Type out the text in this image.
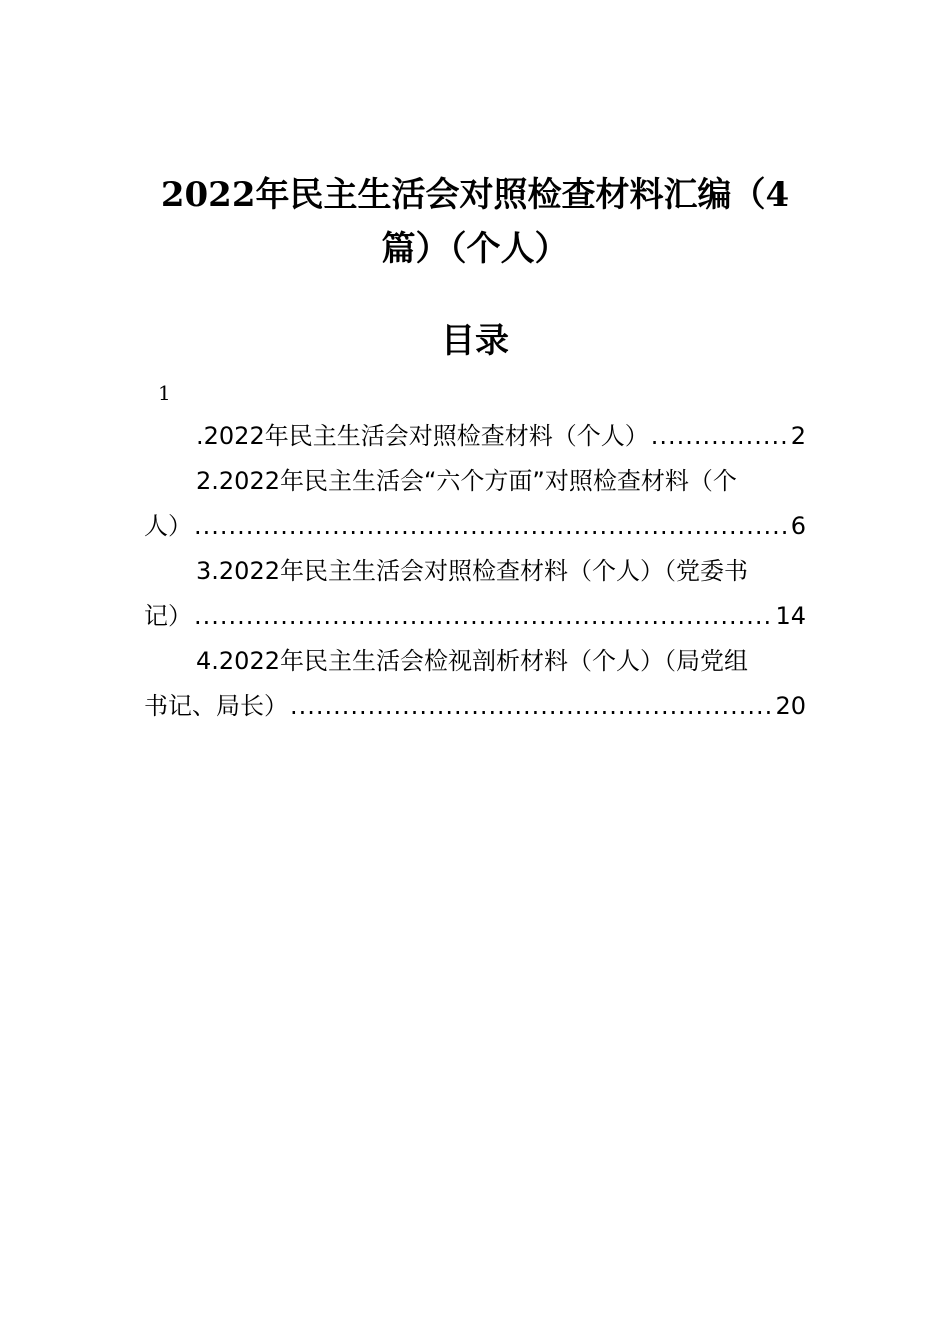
2022年民主生活会对照检查材料汇编（4
篇）（个人）
目录
1
.2022年民主生活会对照检查材料（个人） .....	2
2.2022年民主生活会“六个方面”对照检查材料（个
人） .....	6
3.2022年民主生活会对照检查材料（个人）（党委书
记） .....	14
4.2022年民主生活会检视剖析材料（个人）（局党组
书记、局长） .....	20
